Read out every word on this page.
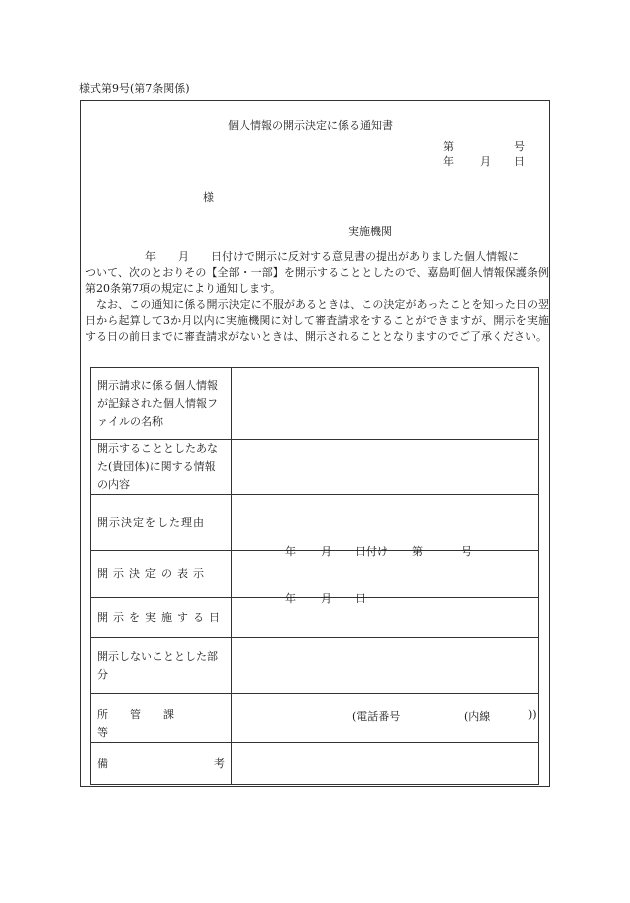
様式第9号(第7条関係)
個人情報の開示決定に係る通知書
第	号
年 月 日
様
実施機関
年　　月　　日付けで開示に反対する意見書の提出がありました個人情報に
ついて、次のとおりその【全部・一部】を開示することとしたので、嘉島町個人情報保護条例第20条第7項の規定により通知します。
なお、この通知に係る開示決定に不服があるときは、この決定があったことを知った日の翌日から起算して3か月以内に実施機関に対して審査請求をすることができますが、開示を実施する日の前日までに審査請求がないときは、開示されることとなりますのでご了承ください。
開示請求に係る個人情報が記録された個人情報ファイルの名称	
開示することとしたあなた(貴団体)に関する情報の内容	
開示決定をした理由	

開示決定の表示	年 月 日付け 第 号

開示を実施する日	年 月 日

開示しないこととした部分	

所管課等	(電話番号 (内線 ))

備 考	
